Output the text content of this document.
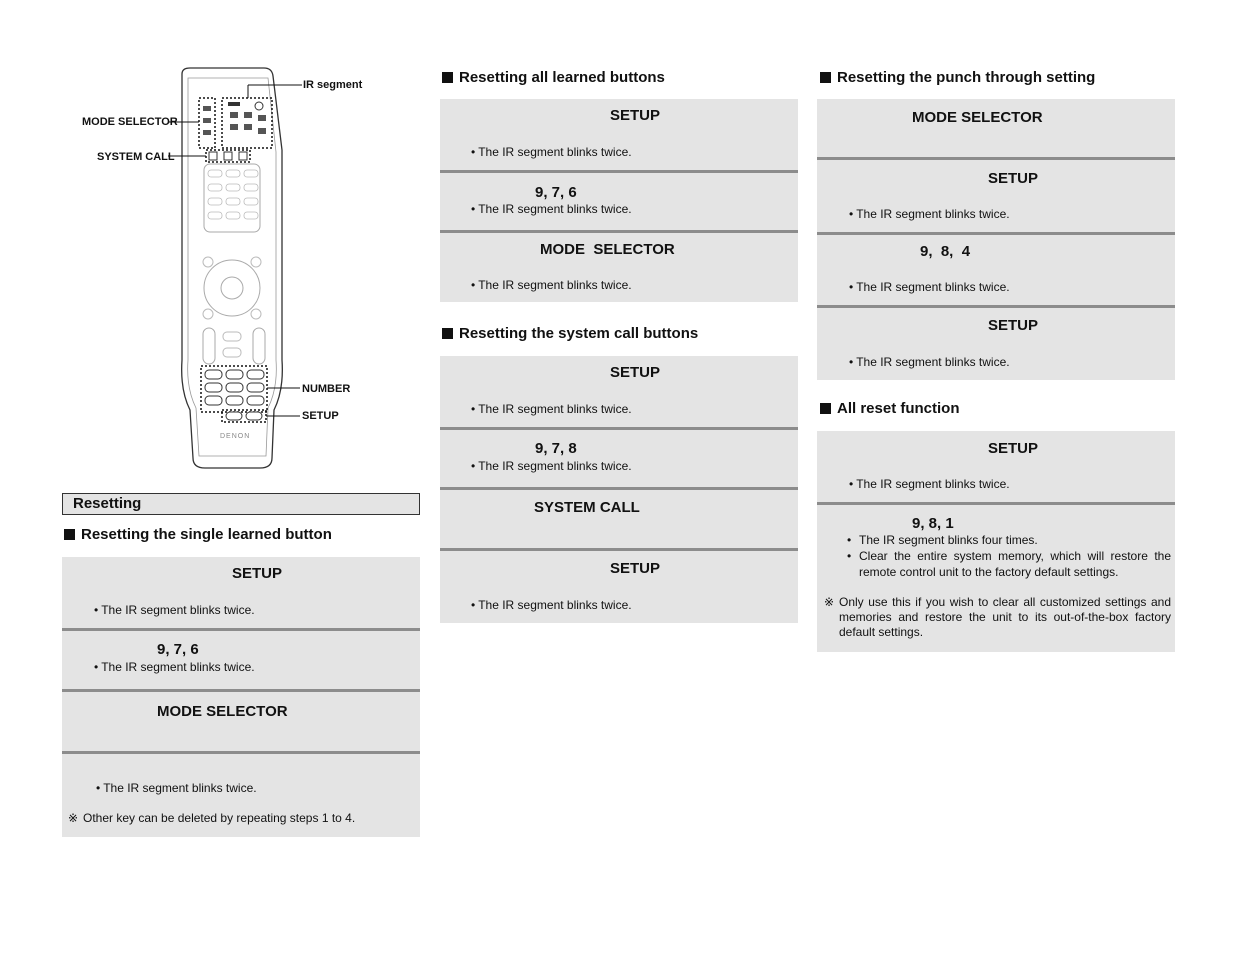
DENON
IR segment
MODE SELECTOR
SYSTEM CALL
NUMBER
SETUP
Resetting
Resetting the single learned button
SETUP
• The IR segment blinks twice.
9, 7, 6
• The IR segment blinks twice.
MODE SELECTOR
• The IR segment blinks twice.
※ Other key can be deleted by repeating steps 1 to 4.
Resetting all learned buttons
SETUP
• The IR segment blinks twice.
9, 7, 6
• The IR segment blinks twice.
MODE  SELECTOR
• The IR segment blinks twice.
Resetting the system call buttons
SETUP
• The IR segment blinks twice.
9, 7, 8
• The IR segment blinks twice.
SYSTEM CALL
SETUP
• The IR segment blinks twice.
Resetting the punch through setting
MODE SELECTOR
SETUP
• The IR segment blinks twice.
9,  8,  4
• The IR segment blinks twice.
SETUP
• The IR segment blinks twice.
All reset function
SETUP
• The IR segment blinks twice.
9, 8, 1
• The IR segment blinks four times.
• Clear the entire system memory, which will restore the remote control unit to the factory default settings.
※ Only use this if you wish to clear all customized settings and memories and restore the unit to its out-of-the-box factory default settings.
